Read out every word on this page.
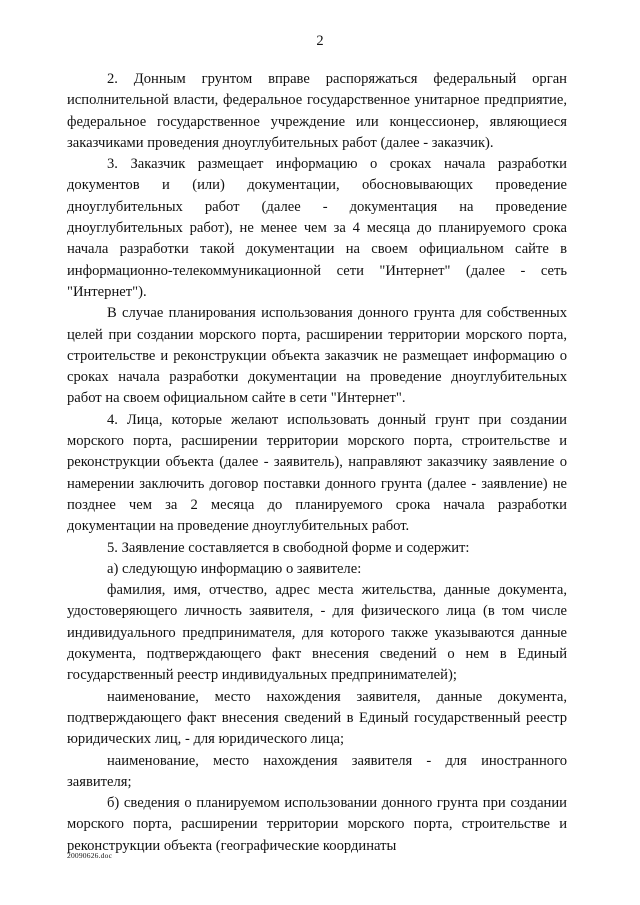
2

2. Донным грунтом вправе распоряжаться федеральный орган исполнительной власти, федеральное государственное унитарное предприятие, федеральное государственное учреждение или концессионер, являющиеся заказчиками проведения дноуглубительных работ (далее - заказчик).

3. Заказчик размещает информацию о сроках начала разработки документов и (или) документации, обосновывающих проведение дноуглубительных работ (далее - документация на проведение дноуглубительных работ), не менее чем за 4 месяца до планируемого срока начала разработки такой документации на своем официальном сайте в информационно-телекоммуникационной сети "Интернет" (далее - сеть "Интернет").

В случае планирования использования донного грунта для собственных целей при создании морского порта, расширении территории морского порта, строительстве и реконструкции объекта заказчик не размещает информацию о сроках начала разработки документации на проведение дноуглубительных работ на своем официальном сайте в сети "Интернет".

4. Лица, которые желают использовать донный грунт при создании морского порта, расширении территории морского порта, строительстве и реконструкции объекта (далее - заявитель), направляют заказчику заявление о намерении заключить договор поставки донного грунта (далее - заявление) не позднее чем за 2 месяца до планируемого срока начала разработки документации на проведение дноуглубительных работ.

5. Заявление составляется в свободной форме и содержит:

а) следующую информацию о заявителе:

фамилия, имя, отчество, адрес места жительства, данные документа, удостоверяющего личность заявителя, - для физического лица (в том числе индивидуального предпринимателя, для которого также указываются данные документа, подтверждающего факт внесения сведений о нем в Единый государственный реестр индивидуальных предпринимателей);

наименование, место нахождения заявителя, данные документа, подтверждающего факт внесения сведений в Единый государственный реестр юридических лиц, - для юридического лица;

наименование, место нахождения заявителя - для иностранного заявителя;

б) сведения о планируемом использовании донного грунта при создании морского порта, расширении территории морского порта, строительстве и реконструкции объекта (географические координаты

20090626.doc
